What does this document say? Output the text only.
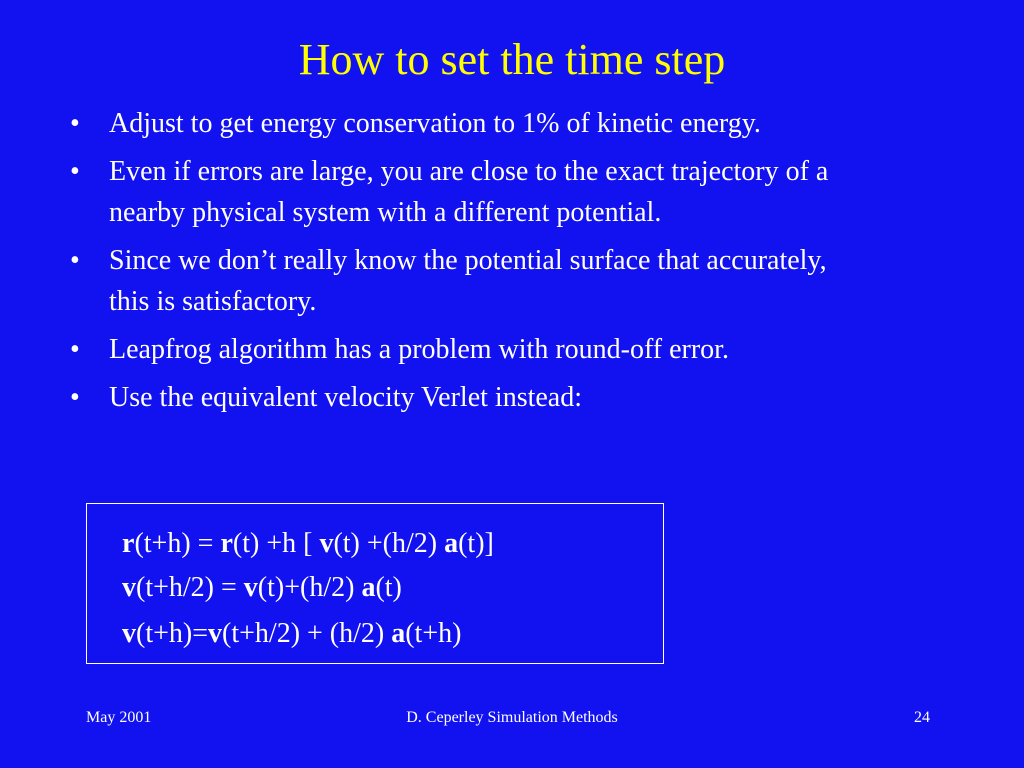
How to set the time step
• Adjust to get energy conservation to 1% of kinetic energy.
• Even if errors are large, you are close to the exact trajectory of a nearby physical system with a different potential.
• Since we don’t really know the potential surface that accurately, this is satisfactory.
• Leapfrog algorithm has a problem with round-off error.
• Use the equivalent velocity Verlet instead:
r(t+h) = r(t) +h [ v(t) +(h/2) a(t)]
v(t+h/2) = v(t)+(h/2) a(t)
v(t+h)=v(t+h/2) + (h/2) a(t+h)
May 2001	D. Ceperley Simulation Methods	24
